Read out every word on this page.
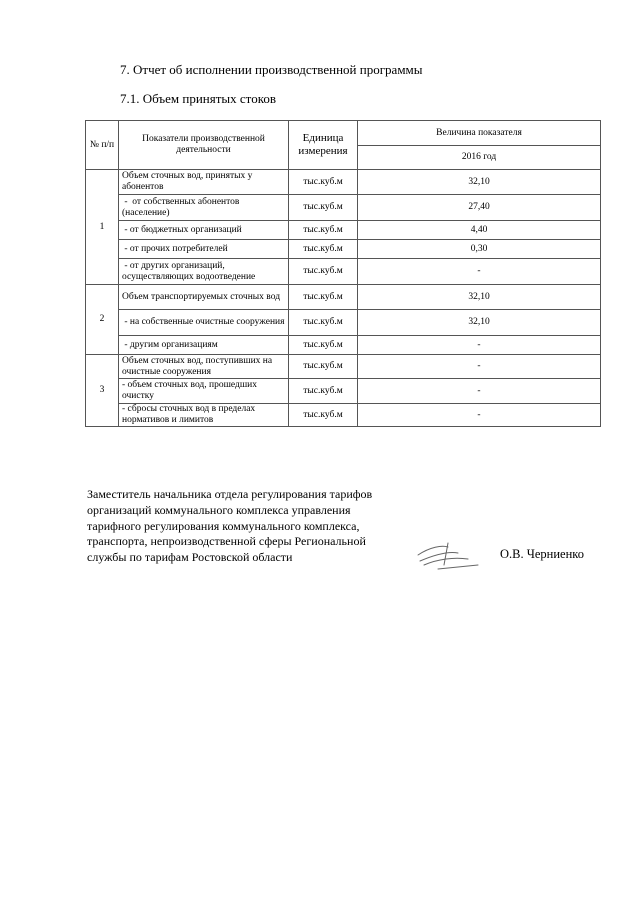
7. Отчет об исполнении производственной программы
7.1. Объем принятых стоков
№ п/п	Показатели производственной деятельности	Единица измерения	Величина показателя
			2016 год
1	Объем сточных вод, принятых у абонентов	тыс.куб.м	32,10
	-  от собственных абонентов (население)	тыс.куб.м	27,40
	- от бюджетных организаций	тыс.куб.м	4,40
	- от прочих потребителей	тыс.куб.м	0,30
	- от других организаций, осуществляющих водоотведение	тыс.куб.м	-
2	Объем транспортируемых сточных вод	тыс.куб.м	32,10
	- на собственные очистные сооружения	тыс.куб.м	32,10
	- другим организациям	тыс.куб.м	-
3	Объем сточных вод, поступивших на очистные сооружения	тыс.куб.м	-
	- объем сточных вод, прошедших очистку	тыс.куб.м	-
	- сбросы сточных вод в пределах нормативов и лимитов	тыс.куб.м	-
Заместитель начальника отдела регулирования тарифов
организаций коммунального комплекса управления
тарифного регулирования коммунального комплекса,
транспорта, непроизводственной сферы Региональной
службы по тарифам Ростовской области	О.В. Черниенко
